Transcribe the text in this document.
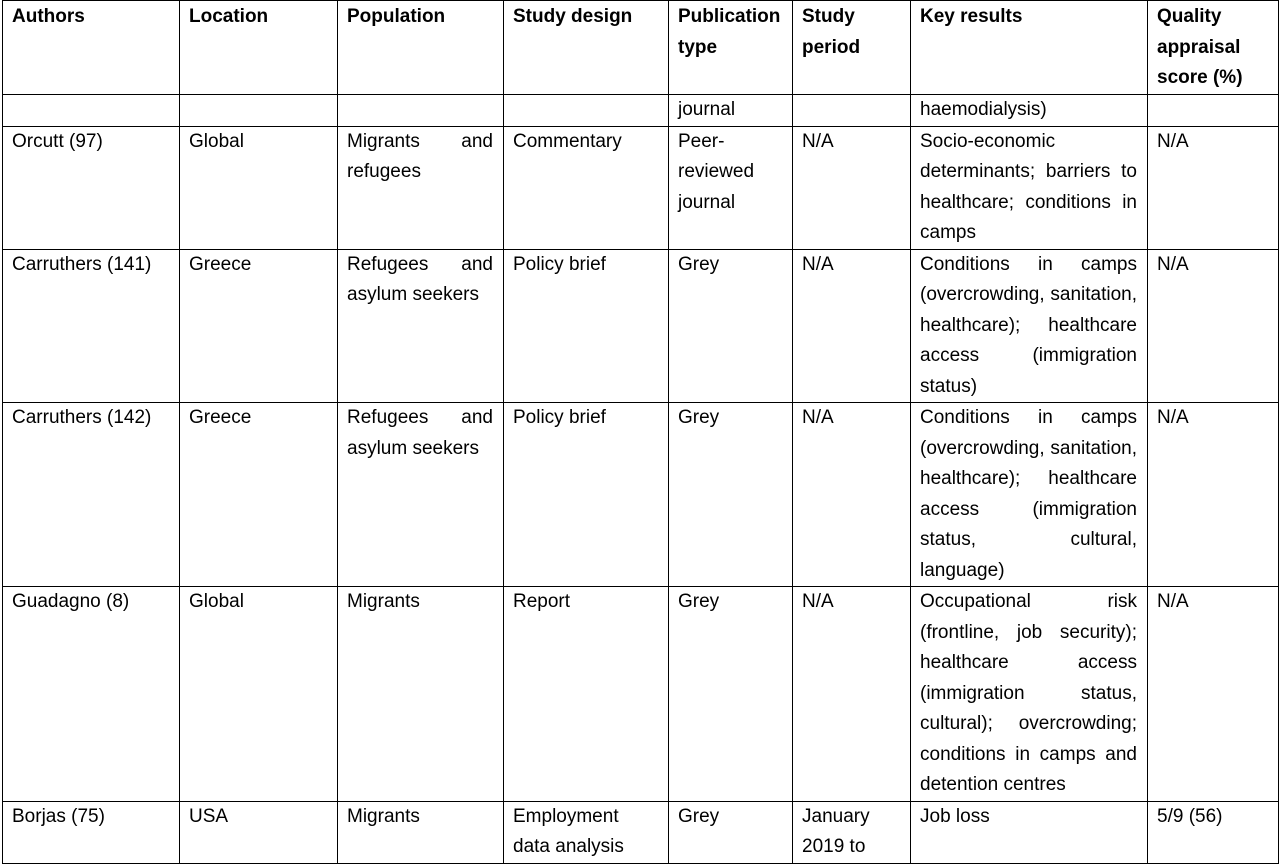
Authors	Location	Population	Study design	Publication type	Study period	Key results	Quality appraisal score (%)
				journal		haemodialysis)	
Orcutt (97)	Global	Migrants and refugees	Commentary	Peer-reviewed journal	N/A	Socio-economic determinants; barriers to healthcare; conditions in camps	N/A
Carruthers (141)	Greece	Refugees and asylum seekers	Policy brief	Grey	N/A	Conditions in camps (overcrowding, sanitation, healthcare); healthcare access (immigration status)	N/A
Carruthers (142)	Greece	Refugees and asylum seekers	Policy brief	Grey	N/A	Conditions in camps (overcrowding, sanitation, healthcare); healthcare access (immigration status, cultural, language)	N/A
Guadagno (8)	Global	Migrants	Report	Grey	N/A	Occupational risk (frontline, job security); healthcare access (immigration status, cultural); overcrowding; conditions in camps and detention centres	N/A
Borjas (75)	USA	Migrants	Employment data analysis	Grey	January 2019 to	Job loss	5/9 (56)
